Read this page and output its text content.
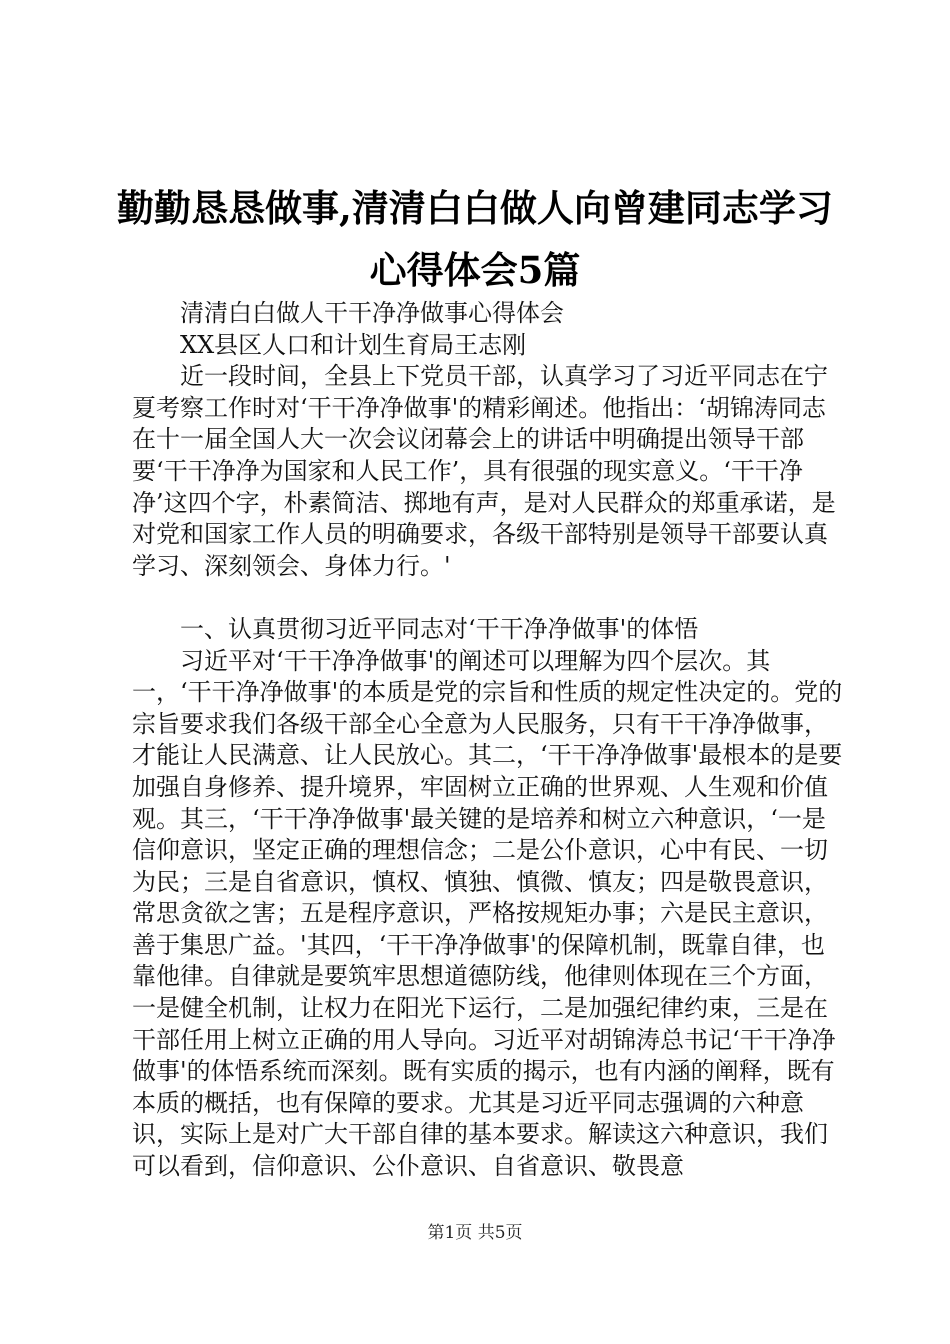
勤勤恳恳做事,清清白白做人向曾建同志学习
心得体会5篇

清清白白做人干干净净做事心得体会

XX县区人口和计划生育局王志刚

近一段时间，全县上下党员干部，认真学习了习近平同志在宁夏考察工作时对‘干干净净做事'的精彩阐述。他指出：‘胡锦涛同志在十一届全国人大一次会议闭幕会上的讲话中明确提出领导干部要‘干干净净为国家和人民工作’，具有很强的现实意义。‘干干净净’这四个字，朴素简洁、掷地有声，是对人民群众的郑重承诺，是对党和国家工作人员的明确要求，各级干部特别是领导干部要认真学习、深刻领会、身体力行。'

一、认真贯彻习近平同志对‘干干净净做事'的体悟

习近平对‘干干净净做事'的阐述可以理解为四个层次。其一，‘干干净净做事'的本质是党的宗旨和性质的规定性决定的。党的宗旨要求我们各级干部全心全意为人民服务，只有干干净净做事，才能让人民满意、让人民放心。其二，‘干干净净做事'最根本的是要加强自身修养、提升境界，牢固树立正确的世界观、人生观和价值观。其三，‘干干净净做事'最关键的是培养和树立六种意识，‘一是信仰意识，坚定正确的理想信念；二是公仆意识，心中有民、一切为民；三是自省意识，慎权、慎独、慎微、慎友；四是敬畏意识，常思贪欲之害；五是程序意识，严格按规矩办事；六是民主意识，善于集思广益。'其四，‘干干净净做事'的保障机制，既靠自律，也靠他律。自律就是要筑牢思想道德防线，他律则体现在三个方面，一是健全机制，让权力在阳光下运行，二是加强纪律约束，三是在干部任用上树立正确的用人导向。习近平对胡锦涛总书记‘干干净净做事'的体悟系统而深刻。既有实质的揭示，也有内涵的阐释，既有本质的概括，也有保障的要求。尤其是习近平同志强调的六种意识，实际上是对广大干部自律的基本要求。解读这六种意识，我们可以看到，信仰意识、公仆意识、自省意识、敬畏意

第1页 共5页
